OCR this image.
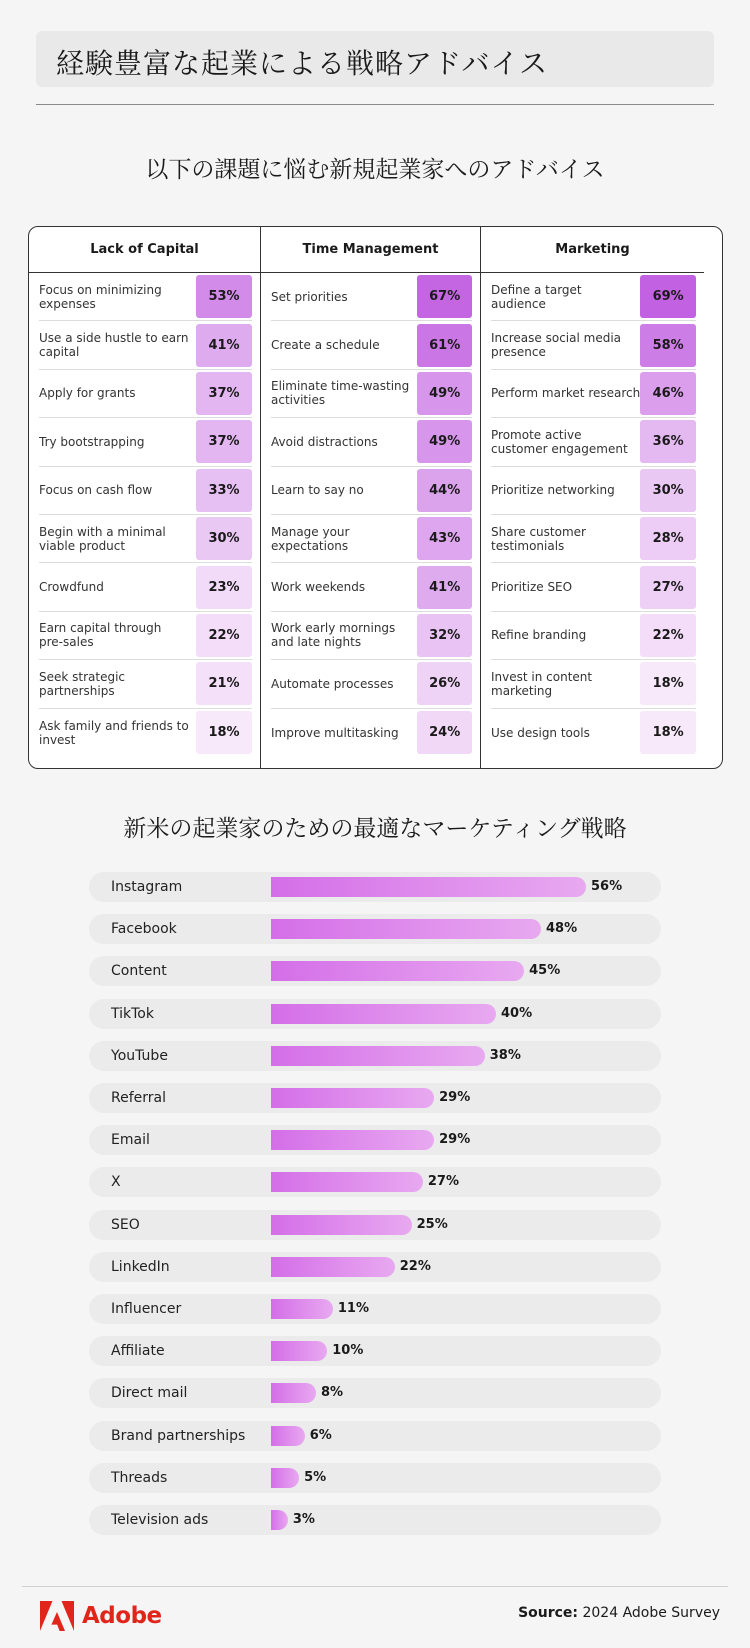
経験豊富な起業による戦略アドバイス
以下の課題に悩む新規起業家へのアドバイス
Lack of Capital
Focus on minimizing expenses	53%
Use a side hustle to earn capital	41%
Apply for grants	37%
Try bootstrapping	37%
Focus on cash flow	33%
Begin with a minimal viable product	30%
Crowdfund	23%
Earn capital through pre-sales	22%
Seek strategic partnerships	21%
Ask family and friends to invest	18%
Time Management
Set priorities	67%
Create a schedule	61%
Eliminate time-wasting activities	49%
Avoid distractions	49%
Learn to say no	44%
Manage your expectations	43%
Work weekends	41%
Work early mornings and late nights	32%
Automate processes	26%
Improve multitasking	24%
Marketing
Define a target audience	69%
Increase social media presence	58%
Perform market research 46%
Promote active customer engagement	36%
Prioritize networking	30%
Share customer testimonials	28%
Prioritize SEO	27%
Refine branding	22%
Invest in content marketing	18%
Use design tools	18%
新米の起業家のための最適なマーケティング戦略
Instagram	56%
Facebook	48%
Content	45%
TikTok	40%
YouTube	38%
Referral	29%
Email	29%
X	27%
SEO	25%
LinkedIn	22%
Influencer	11%
Affiliate	10%
Direct mail	8%
Brand partnerships	6%
Threads	5%
Television ads	3%
Adobe	Source: 2024 Adobe Survey
